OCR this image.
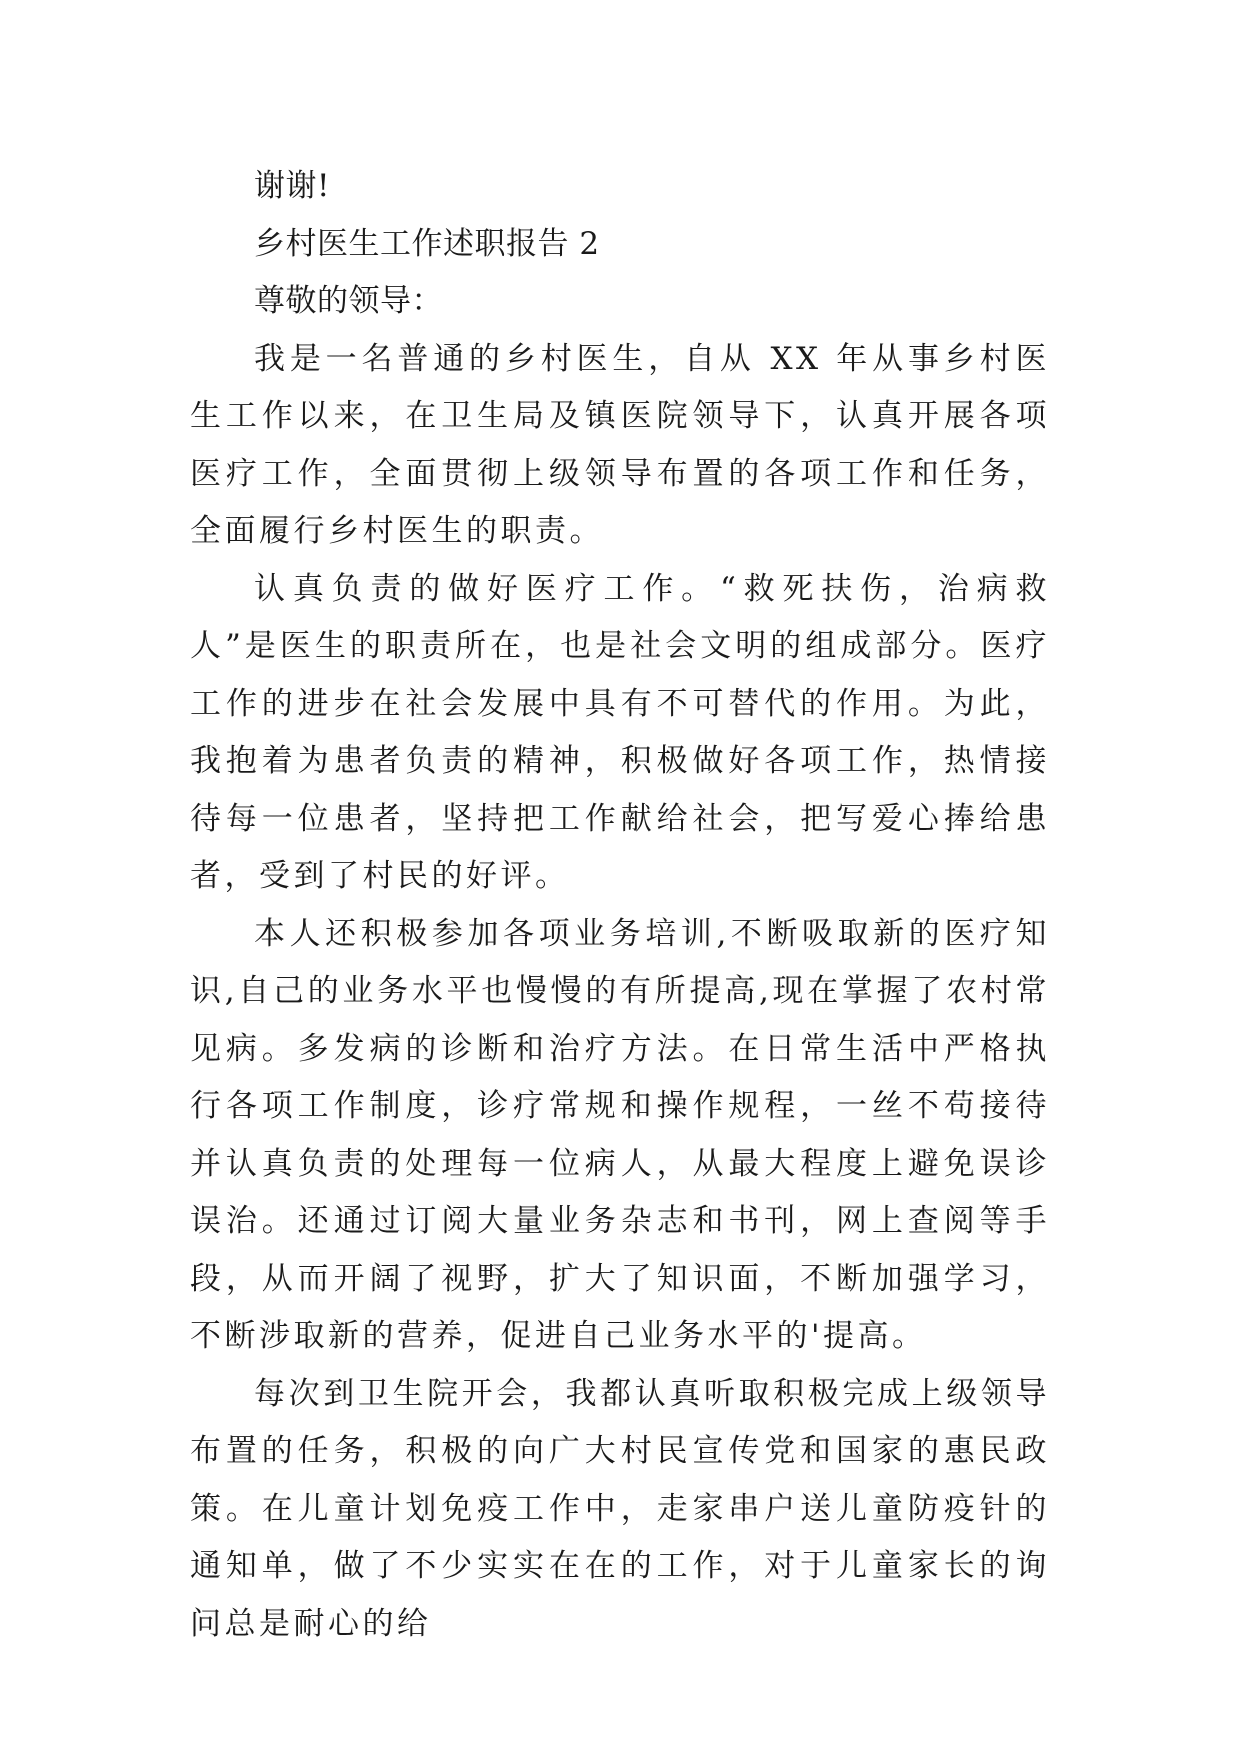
谢谢!

乡村医生工作述职报告 2

尊敬的领导：

我是一名普通的乡村医生，自从 XX 年从事乡村医生工作以来，在卫生局及镇医院领导下，认真开展各项医疗工作，全面贯彻上级领导布置的各项工作和任务，全面履行乡村医生的职责。

认真负责的做好医疗工作。“救死扶伤，治病救人”是医生的职责所在，也是社会文明的组成部分。医疗工作的进步在社会发展中具有不可替代的作用。为此，我抱着为患者负责的精神，积极做好各项工作，热情接待每一位患者，坚持把工作献给社会，把写爱心捧给患者，受到了村民的好评。

本人还积极参加各项业务培训,不断吸取新的医疗知识,自己的业务水平也慢慢的有所提高,现在掌握了农村常见病。多发病的诊断和治疗方法。在日常生活中严格执行各项工作制度，诊疗常规和操作规程，一丝不苟接待并认真负责的处理每一位病人，从最大程度上避免误诊误治。还通过订阅大量业务杂志和书刊，网上查阅等手段，从而开阔了视野，扩大了知识面，不断加强学习，不断涉取新的营养，促进自己业务水平的'提高。

每次到卫生院开会，我都认真听取积极完成上级领导布置的任务，积极的向广大村民宣传党和国家的惠民政策。在儿童计划免疫工作中，走家串户送儿童防疫针的通知单，做了不少实实在在的工作，对于儿童家长的询问总是耐心的给
